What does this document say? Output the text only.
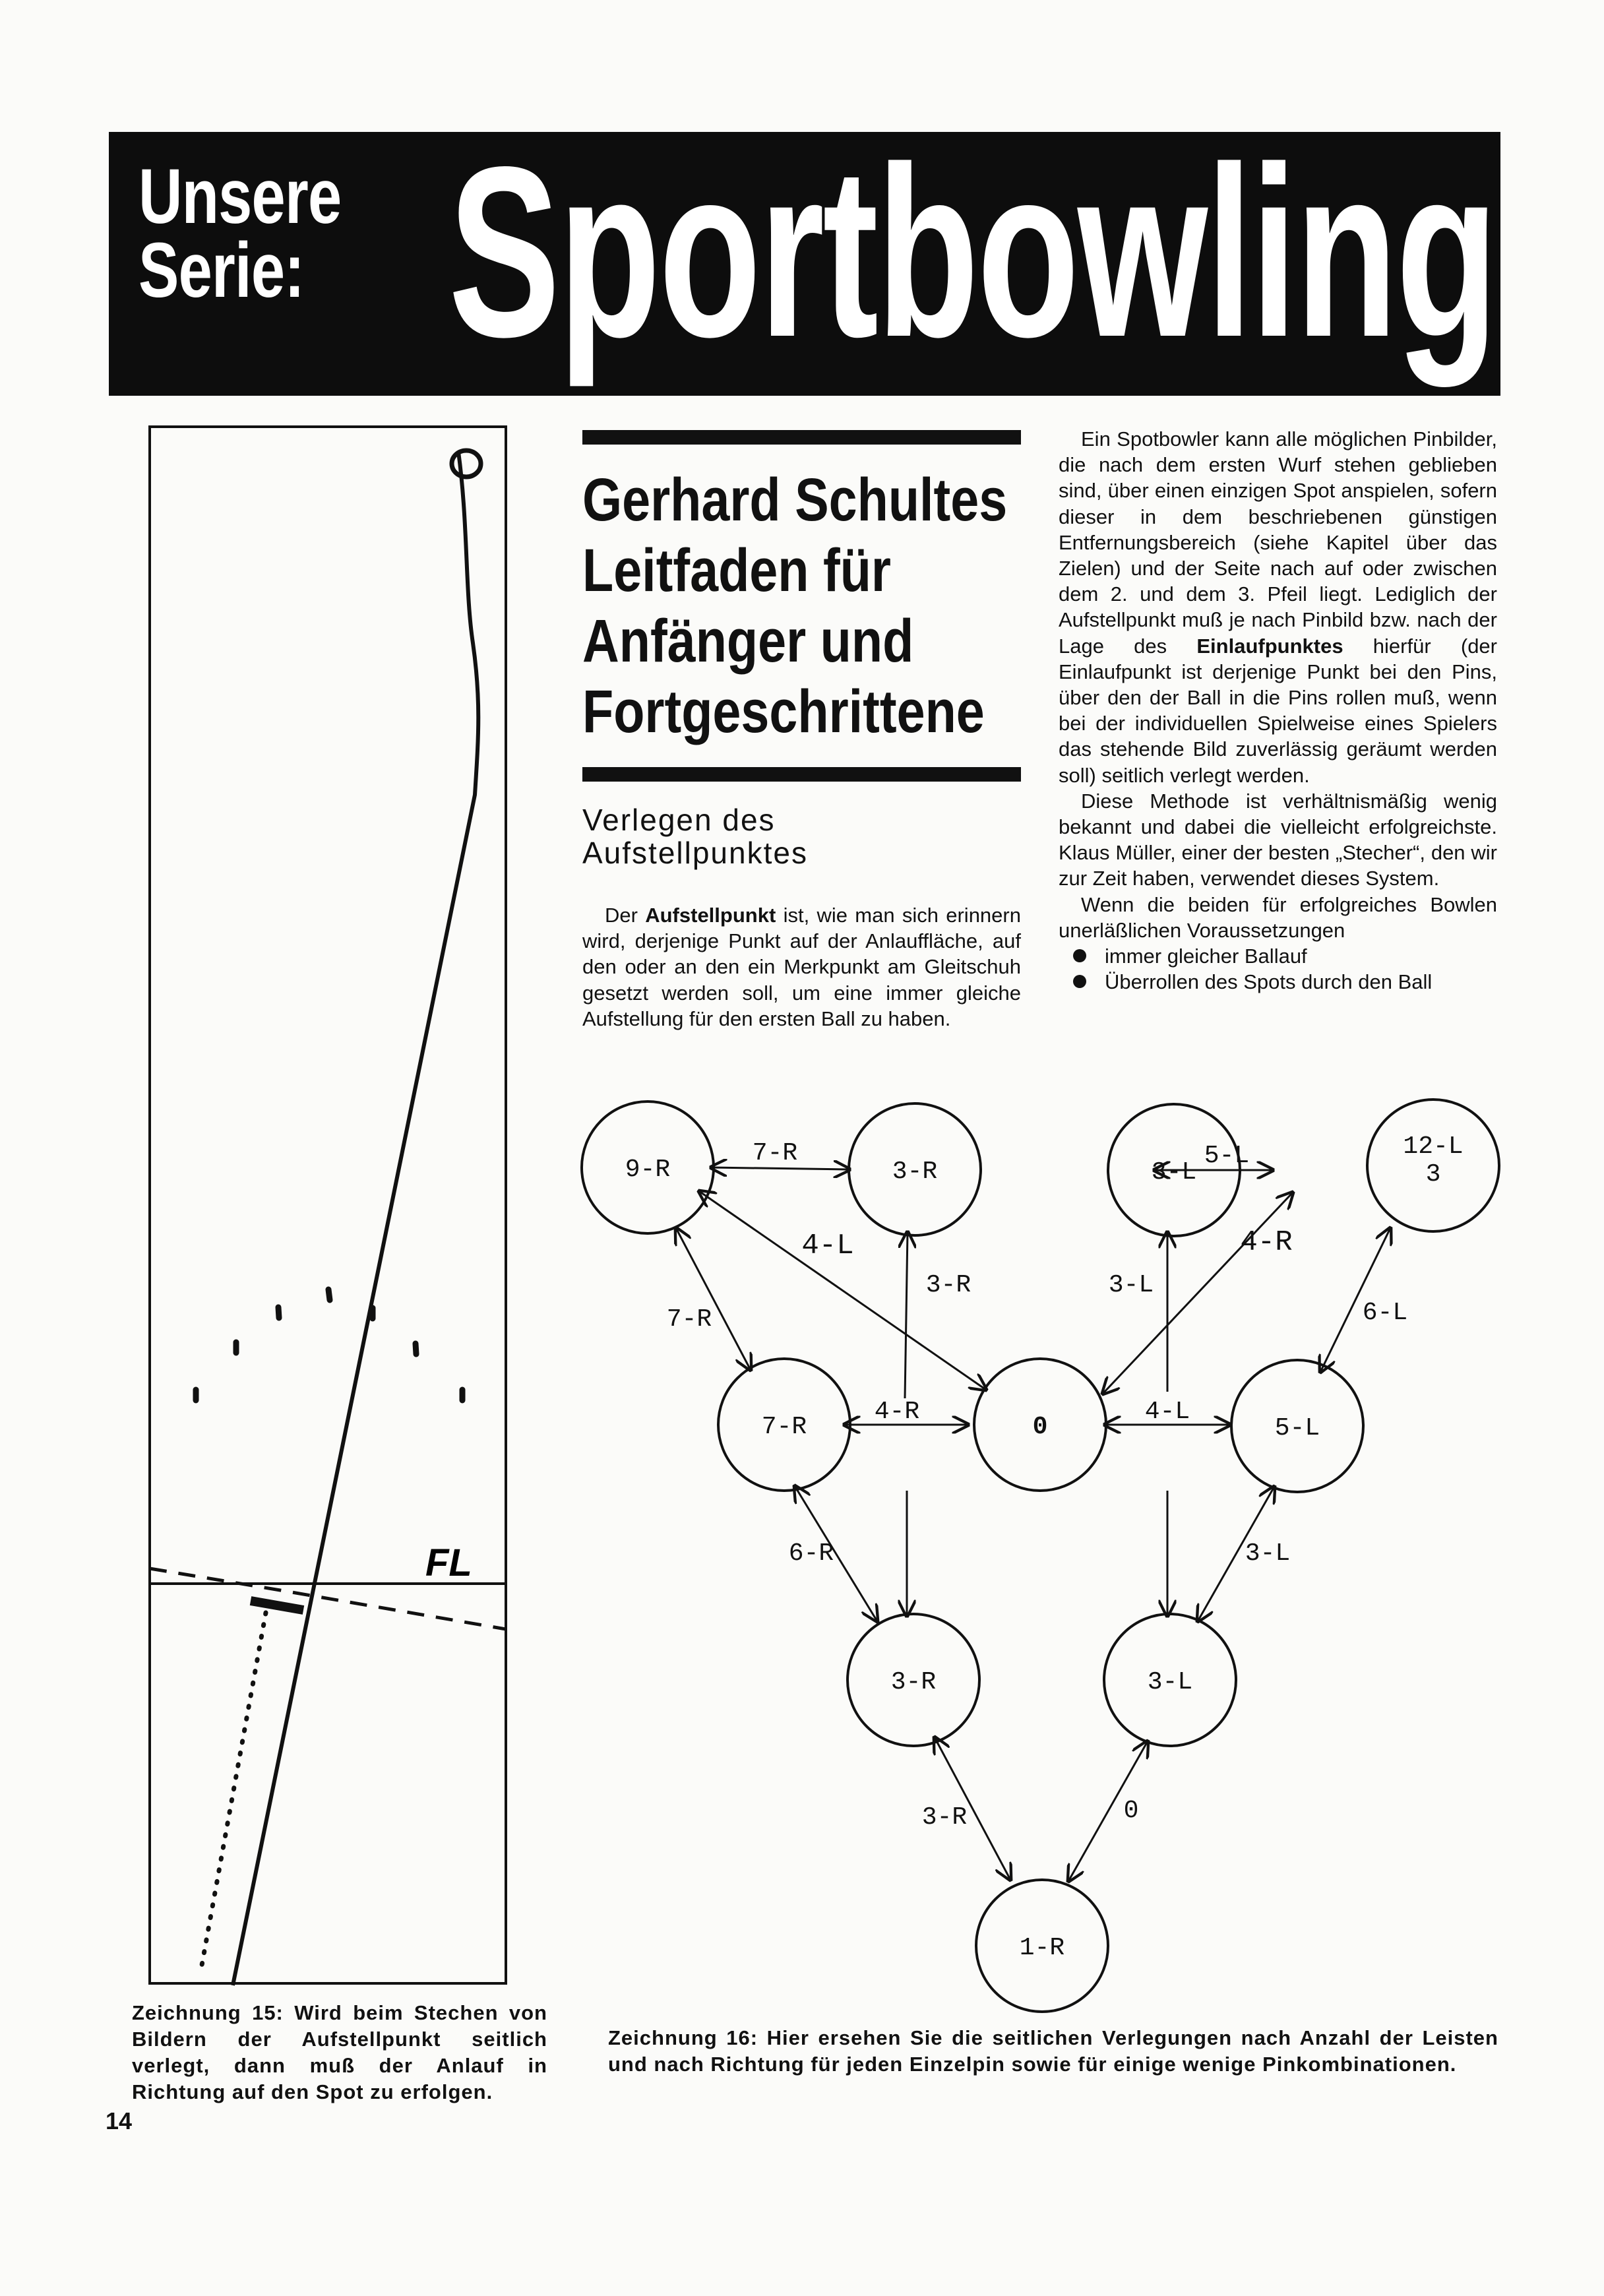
Unsere
Serie: Sportbowling
FL
Zeichnung 15: Wird beim Stechen von Bildern der Aufstellpunkt seitlich verlegt, dann muß der Anlauf in Richtung auf den Spot zu erfolgen.
Gerhard Schultes
Leitfaden für
Anfänger und
Fortgeschrittene
Verlegen des
Aufstellpunktes

Der Aufstellpunkt ist, wie man sich erinnern wird, derjenige Punkt auf der Anlauffläche, auf den oder an den ein Merkpunkt am Gleitschuh gesetzt werden soll, um eine immer gleiche Aufstellung für den ersten Ball zu haben.

Ein Spotbowler kann alle möglichen Pinbilder, die nach dem ersten Wurf stehen geblieben sind, über einen einzigen Spot anspielen, sofern dieser in dem beschriebenen günstigen Entfernungsbereich (siehe Kapitel über das Zielen) und der Seite nach auf oder zwischen dem 2. und dem 3. Pfeil liegt. Lediglich der Aufstellpunkt muß je nach Pinbild bzw. nach der Lage des Einlaufpunktes hierfür (der Einlaufpunkt ist derjenige Punkt bei den Pins, über den der Ball in die Pins rollen muß, wenn bei der individuellen Spielweise eines Spielers das stehende Bild zuverlässig geräumt werden soll) seitlich verlegt werden.

Diese Methode ist verhältnismäßig wenig bekannt und dabei die vielleicht erfolgreichste. Klaus Müller, einer der besten „Stecher“, den wir zur Zeit haben, verwendet dieses System.

Wenn die beiden für erfolgreiches Bowlen unerläßlichen Voraussetzungen

immer gleicher Ballauf
Überrollen des Spots durch den Ball
9-R	3-R	3-L
12-L
3
7-R	0	5-L
3-R	3-L
1-R
7-R	5-L
4-L
3-R	3-L
4-R
7-R	6-L
4-R	4-L
6-R	3-L
3-R	0
Zeichnung 16: Hier ersehen Sie die seitlichen Verlegungen nach Anzahl der Leisten und nach Richtung für jeden Einzelpin sowie für einige wenige Pinkombinationen.
14
